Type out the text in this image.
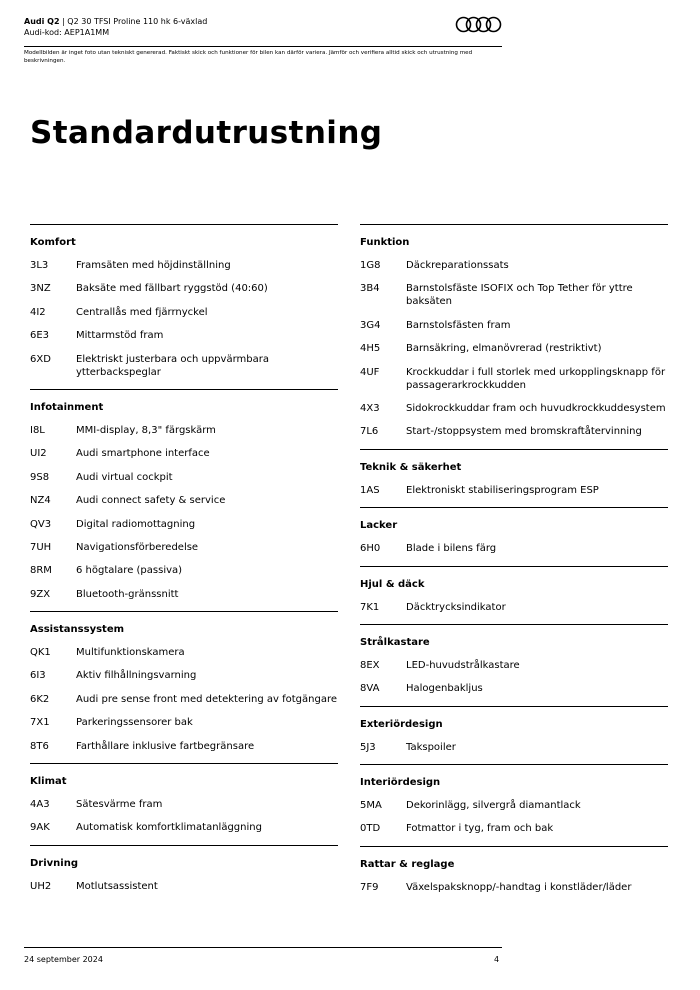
Audi Q2 | Q2 30 TFSI Proline 110 hk 6-växlad
Audi-kod: AEP1A1MM
Modellbilden är inget foto utan tekniskt genererad. Faktiskt skick och funktioner för bilen kan därför variera. Jämför och verifiera alltid skick och utrustning med beskrivningen.
Standardutrustning
Komfort
3L3	Framsäten med höjdinställning
3NZ	Baksäte med fällbart ryggstöd (40:60)
4I2	Centrallås med fjärrnyckel
6E3	Mittarmstöd fram
6XD	Elektriskt justerbara och uppvärmbara ytterbackspeglar
Infotainment
I8L	MMI-display, 8,3" färgskärm
UI2	Audi smartphone interface
9S8	Audi virtual cockpit
NZ4	Audi connect safety & service
QV3	Digital radiomottagning
7UH	Navigationsförberedelse
8RM	6 högtalare (passiva)
9ZX	Bluetooth-gränssnitt
Assistanssystem
QK1	Multifunktionskamera
6I3	Aktiv filhållningsvarning
6K2	Audi pre sense front med detektering av fotgängare
7X1	Parkeringssensorer bak
8T6	Farthållare inklusive fartbegränsare
Klimat
4A3	Sätesvärme fram
9AK	Automatisk komfortklimatanläggning
Drivning
UH2	Motlutsassistent
Funktion
1G8	Däckreparationssats
3B4	Barnstolsfäste ISOFIX och Top Tether för yttre baksäten
3G4	Barnstolsfästen fram
4H5	Barnsäkring, elmanövrerad (restriktivt)
4UF	Krockkuddar i full storlek med urkopplingsknapp för passagerarkrockkudden
4X3	Sidokrockkuddar fram och huvudkrockkuddesystem
7L6	Start-/stoppsystem med bromskraftåtervinning
Teknik & säkerhet
1AS	Elektroniskt stabiliseringsprogram ESP
Lacker
6H0	Blade i bilens färg
Hjul & däck
7K1	Däcktrycksindikator
Strålkastare
8EX	LED-huvudstrålkastare
8VA	Halogenbakljus
Exteriördesign
5J3	Takspoiler
Interiördesign
5MA	Dekorinlägg, silvergrå diamantlack
0TD	Fotmattor i tyg, fram och bak
Rattar & reglage
7F9	Växelspaksknopp/-handtag i konstläder/läder
24 september 2024	4
